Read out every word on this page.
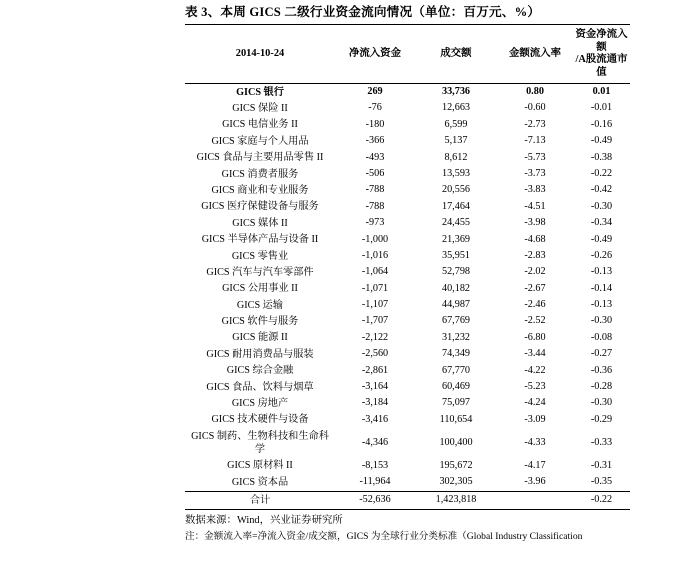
表 3、本周 GICS 二级行业资金流向情况（单位：百万元、%）
2014-10-24	净流入资金	成交额	金额流入率	资金净流入额
/A股流通市值
GICS 银行	269	33,736	0.80	0.01
GICS 保险 II	-76	12,663	-0.60	-0.01
GICS 电信业务 II	-180	6,599	-2.73	-0.16
GICS 家庭与个人用品	-366	5,137	-7.13	-0.49
GICS 食品与主要用品零售 II	-493	8,612	-5.73	-0.38
GICS 消费者服务	-506	13,593	-3.73	-0.22
GICS 商业和专业服务	-788	20,556	-3.83	-0.42
GICS 医疗保健设备与服务	-788	17,464	-4.51	-0.30
GICS 媒体 II	-973	24,455	-3.98	-0.34
GICS 半导体产品与设备 II	-1,000	21,369	-4.68	-0.49
GICS 零售业	-1,016	35,951	-2.83	-0.26
GICS 汽车与汽车零部件	-1,064	52,798	-2.02	-0.13
GICS 公用事业 II	-1,071	40,182	-2.67	-0.14
GICS 运输	-1,107	44,987	-2.46	-0.13
GICS 软件与服务	-1,707	67,769	-2.52	-0.30
GICS 能源 II	-2,122	31,232	-6.80	-0.08
GICS 耐用消费品与服装	-2,560	74,349	-3.44	-0.27
GICS 综合金融	-2,861	67,770	-4.22	-0.36
GICS 食品、饮料与烟草	-3,164	60,469	-5.23	-0.28
GICS 房地产	-3,184	75,097	-4.24	-0.30
GICS 技术硬件与设备	-3,416	110,654	-3.09	-0.29
GICS 制药、生物科技和生命科学	-4,346	100,400	-4.33	-0.33
GICS 原材料 II	-8,153	195,672	-4.17	-0.31
GICS 资本品	-11,964	302,305	-3.96	-0.35
合计	-52,636	1,423,818		-0.22
数据来源：Wind，兴业证券研究所
注：金额流入率=净流入资金/成交额，GICS 为全球行业分类标准（Global Industry Classification
